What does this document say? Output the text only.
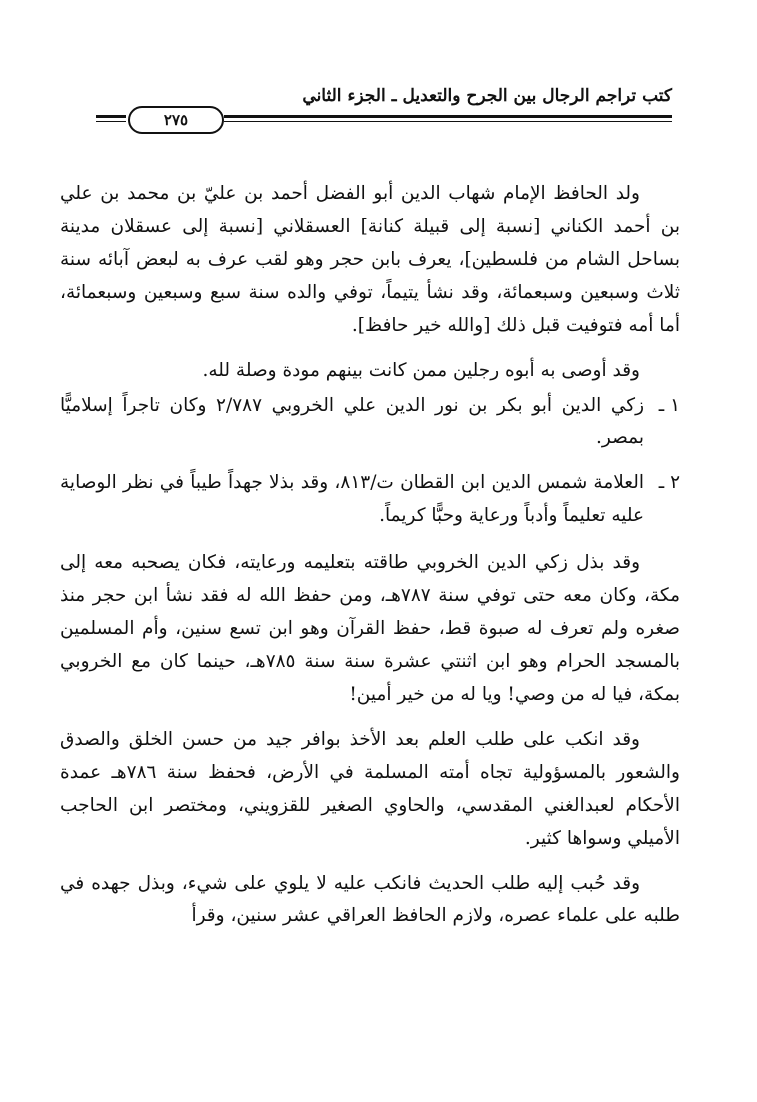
كتب تراجم الرجال بين الجرح والتعديل ـ الجزء الثاني
٢٧٥

ولد الحافظ الإمام شهاب الدين أبو الفضل أحمد بن عليّ بن محمد بن علي بن أحمد الكناني [نسبة إلى قبيلة كنانة] العسقلاني [نسبة إلى عسقلان مدينة بساحل الشام من فلسطين]، يعرف بابن حجر وهو لقب عرف به لبعض آبائه سنة ثلاث وسبعين وسبعمائة، وقد نشأ يتيماً، توفي والده سنة سبع وسبعين وسبعمائة، أما أمه فتوفيت قبل ذلك [والله خير حافظ].

وقد أوصى به أبوه رجلين ممن كانت بينهم مودة وصلة لله.

١ ـ
زكي الدين أبو بكر بن نور الدين علي الخروبي ٢/٧٨٧ وكان تاجراً إسلاميًّا بمصر.

٢ ـ
العلامة شمس الدين ابن القطان ت/٨١٣، وقد بذلا جهداً طيباً في نظر الوصاية عليه تعليماً وأدباً ورعاية وحبًّا كريماً.

وقد بذل زكي الدين الخروبي طاقته بتعليمه ورعايته، فكان يصحبه معه إلى مكة، وكان معه حتى توفي سنة ٧٨٧هـ، ومن حفظ الله له فقد نشأ ابن حجر منذ صغره ولم تعرف له صبوة قط، حفظ القرآن وهو ابن تسع سنين، وأم المسلمين بالمسجد الحرام وهو ابن اثنتي عشرة سنة سنة ٧٨٥هـ، حينما كان مع الخروبي بمكة، فيا له من وصي! ويا له من خير أمين!

وقد انكب على طلب العلم بعد الأخذ بوافر جيد من حسن الخلق والصدق والشعور بالمسؤولية تجاه أمته المسلمة في الأرض، فحفظ سنة ٧٨٦هـ عمدة الأحكام لعبدالغني المقدسي، والحاوي الصغير للقزويني، ومختصر ابن الحاجب الأميلي وسواها كثير.

وقد حُبب إليه طلب الحديث فانكب عليه لا يلوي على شيء، وبذل جهده في طلبه على علماء عصره، ولازم الحافظ العراقي عشر سنين، وقرأ
